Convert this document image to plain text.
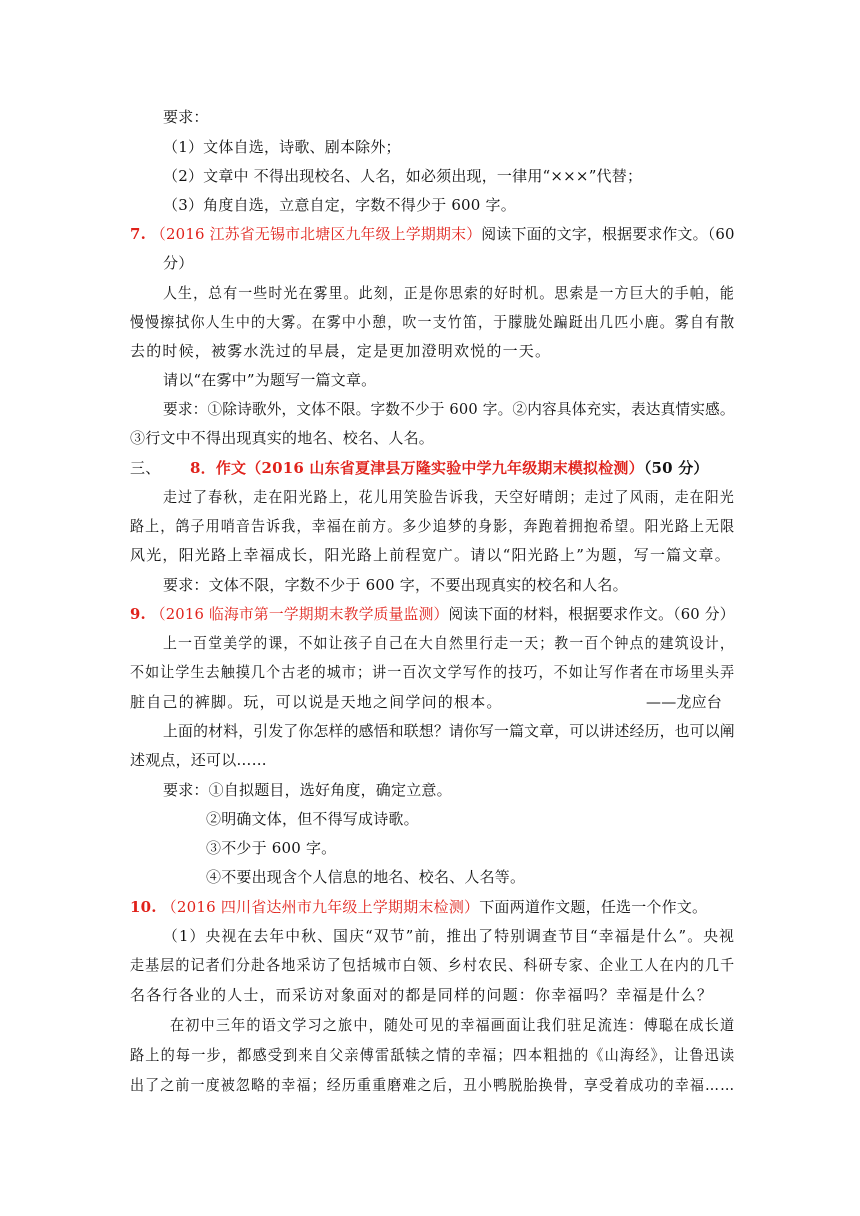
要求：
（1）文体自选，诗歌、剧本除外；
（2）文章中 不得出现校名、人名，如必须出现，一律用“×××”代替；
（3）角度自选，立意自定，字数不得少于 600 字。
7. （2016 江苏省无锡市北塘区九年级上学期期末）阅读下面的文字，根据要求作文。（60
分）
人生，总有一些时光在雾里。此刻，正是你思索的好时机。思索是一方巨大的手帕，能
慢慢擦拭你人生中的大雾。在雾中小憩，吹一支竹笛，于朦胧处蹁跹出几匹小鹿。雾自有散
去的时候，被雾水洗过的早晨，定是更加澄明欢悦的一天。
请以“在雾中”为题写一篇文章。
要求：①除诗歌外，文体不限。字数不少于 600 字。②内容具体充实，表达真情实感。
③行文中不得出现真实的地名、校名、人名。
三、 8．作文（2016 山东省夏津县万隆实验中学九年级期末模拟检测）（50 分）
走过了春秋，走在阳光路上，花儿用笑脸告诉我，天空好晴朗；走过了风雨，走在阳光
路上，鸽子用哨音告诉我，幸福在前方。多少追梦的身影，奔跑着拥抱希望。阳光路上无限
风光，阳光路上幸福成长，阳光路上前程宽广。请以“阳光路上”为题，写一篇文章。
要求：文体不限，字数不少于 600 字，不要出现真实的校名和人名。
9. （2016 临海市第一学期期末教学质量监测）阅读下面的材料，根据要求作文。（60 分）
上一百堂美学的课，不如让孩子自己在大自然里行走一天；教一百个钟点的建筑设计，
不如让学生去触摸几个古老的城市；讲一百次文学写作的技巧，不如让写作者在市场里头弄
脏自己的裤脚。玩，可以说是天地之间学问的根本。	——龙应台
上面的材料，引发了你怎样的感悟和联想？请你写一篇文章，可以讲述经历，也可以阐
述观点，还可以……
要求：①自拟题目，选好角度，确定立意。
②明确文体，但不得写成诗歌。
③不少于 600 字。
④不要出现含个人信息的地名、校名、人名等。
10. （2016 四川省达州市九年级上学期期末检测）下面两道作文题，任选一个作文。
（1）央视在去年中秋、国庆“双节”前，推出了特别调查节目“幸福是什么”。央视
走基层的记者们分赴各地采访了包括城市白领、乡村农民、科研专家、企业工人在内的几千
名各行各业的人士，而采访对象面对的都是同样的问题：你幸福吗？幸福是什么？
在初中三年的语文学习之旅中，随处可见的幸福画面让我们驻足流连：傅聪在成长道
路上的每一步，都感受到来自父亲傅雷舐犊之情的幸福；四本粗拙的《山海经》，让鲁迅读
出了之前一度被忽略的幸福；经历重重磨难之后，丑小鸭脱胎换骨，享受着成功的幸福……
